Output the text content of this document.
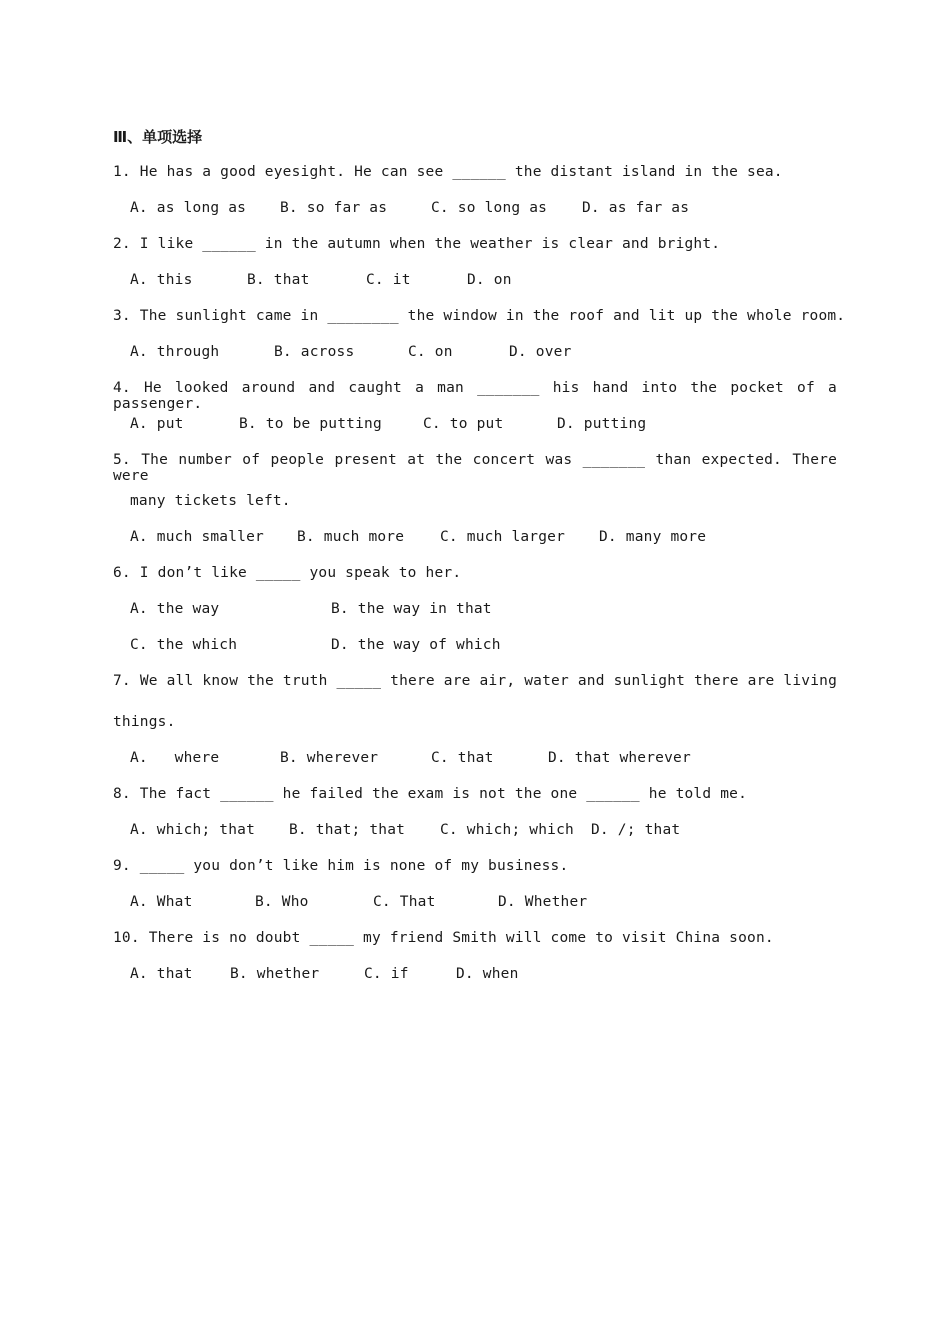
Ⅲ、单项选择
1. He has a good eyesight. He can see ______ the distant island in the sea.
A. as long as B. so far as	C. so long as D. as far as
2. I like ______ in the autumn when the weather is clear and bright.
A. this	B. that	C. it	D. on
3. The sunlight came in ________ the window in the roof and lit up the whole room.
A. through	B. across	C. on	D. over
4. He looked around and caught a man _______ his hand into the pocket of a passenger.
A. put	B. to be putting	C. to put	D. putting
5. The number of people present at the concert was _______ than expected. There were
many tickets left.
A. much smaller B. much more C. much larger D. many more
6. I don’t like _____ you speak to her.
A. the way	B. the way in that
C. the which	D. the way of which
7. We all know the truth _____ there are air, water and sunlight there are living
things.
A.   where	B. wherever	C. that	D. that wherever
8. The fact ______ he failed the exam is not the one ______ he told me.
A. which; that B. that; that C. which; which D. /; that
9. _____ you don’t like him is none of my business.
A. What	B. Who	C. That	D. Whether
10. There is no doubt _____ my friend Smith will come to visit China soon.
A. that	B. whether	C. if	D. when
